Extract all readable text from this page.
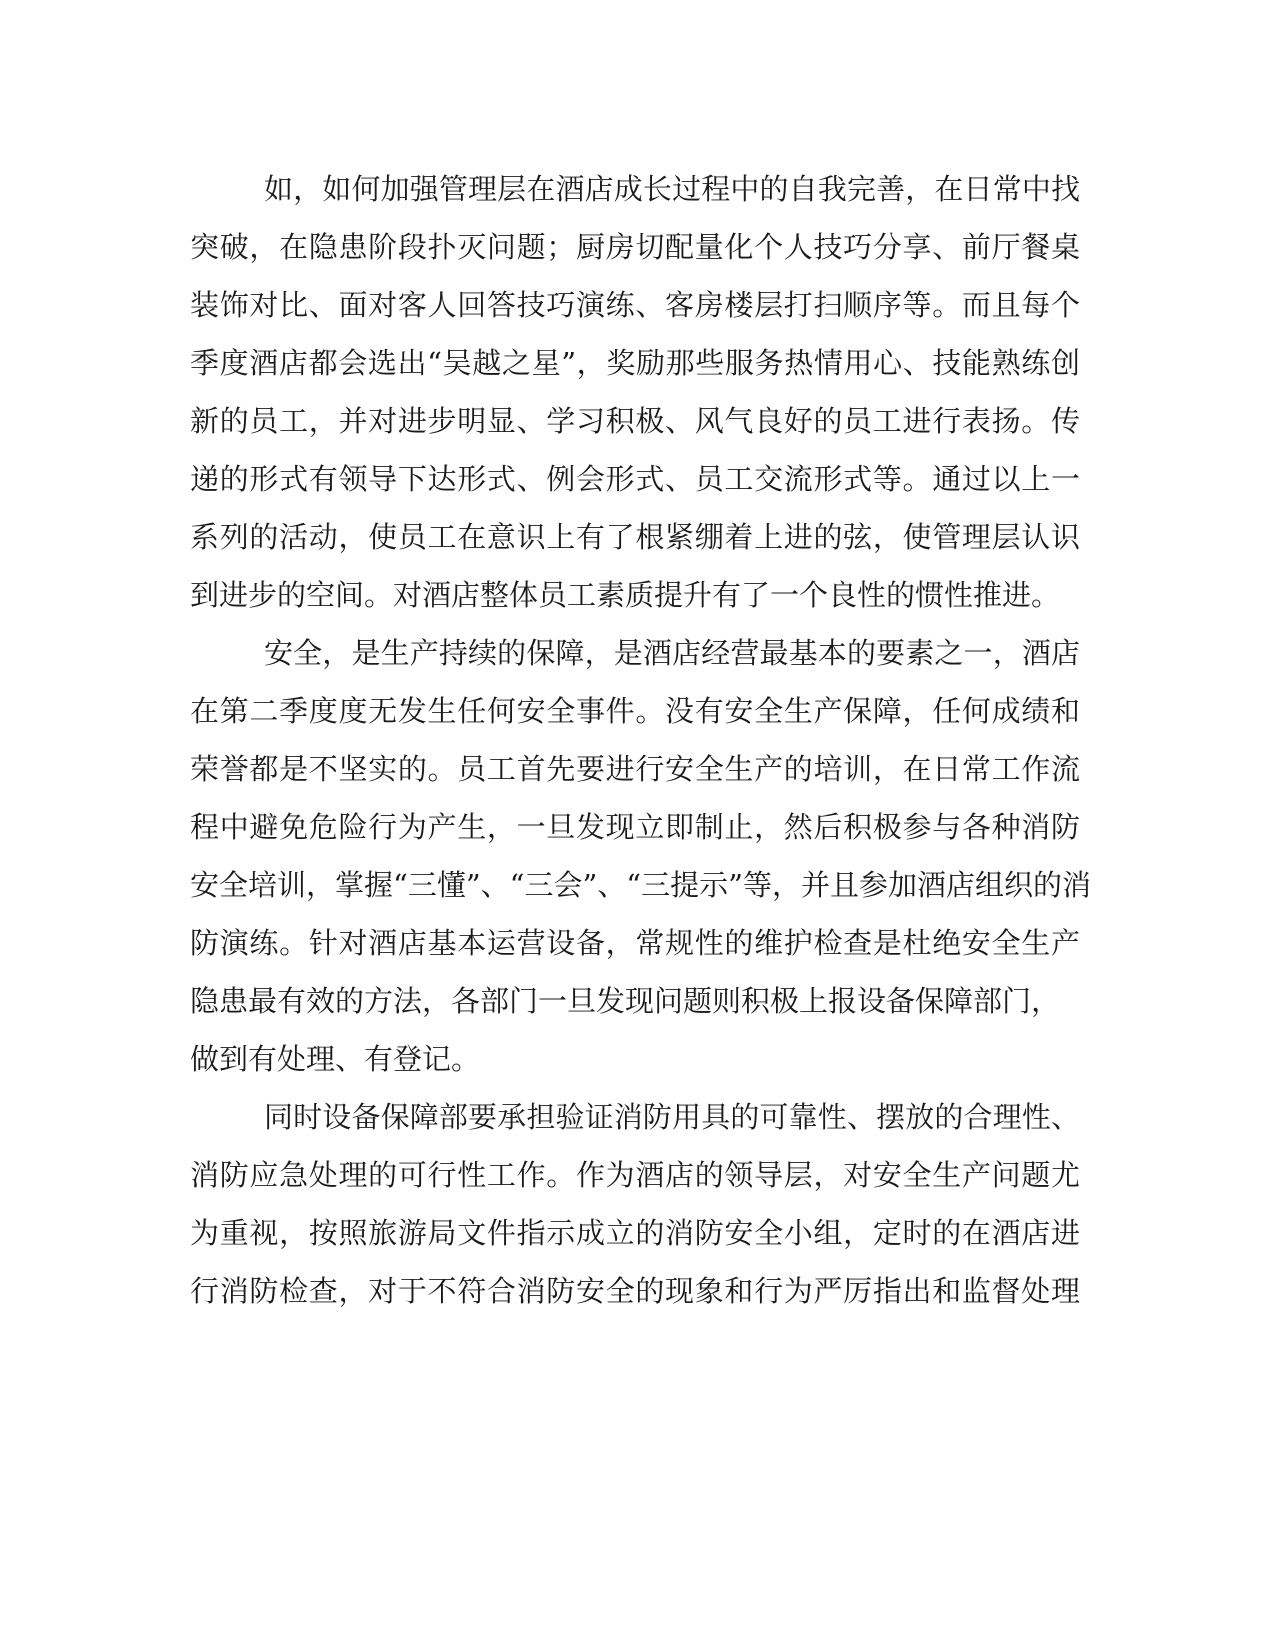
如，如何加强管理层在酒店成长过程中的自我完善，在日常中找
突破，在隐患阶段扑灭问题；厨房切配量化个人技巧分享、前厅餐桌
装饰对比、面对客人回答技巧演练、客房楼层打扫顺序等。而且每个
季度酒店都会选出“吴越之星”，奖励那些服务热情用心、技能熟练创
新的员工，并对进步明显、学习积极、风气良好的员工进行表扬。传
递的形式有领导下达形式、例会形式、员工交流形式等。通过以上一
系列的活动，使员工在意识上有了根紧绷着上进的弦，使管理层认识
到进步的空间。对酒店整体员工素质提升有了一个良性的惯性推进。
安全，是生产持续的保障，是酒店经营最基本的要素之一，酒店
在第二季度度无发生任何安全事件。没有安全生产保障，任何成绩和
荣誉都是不坚实的。员工首先要进行安全生产的培训，在日常工作流
程中避免危险行为产生，一旦发现立即制止，然后积极参与各种消防
安全培训，掌握“三懂”、“三会”、“三提示”等，并且参加酒店组织的消
防演练。针对酒店基本运营设备，常规性的维护检查是杜绝安全生产
隐患最有效的方法，各部门一旦发现问题则积极上报设备保障部门，
做到有处理、有登记。
同时设备保障部要承担验证消防用具的可靠性、摆放的合理性、
消防应急处理的可行性工作。作为酒店的领导层，对安全生产问题尤
为重视，按照旅游局文件指示成立的消防安全小组，定时的在酒店进
行消防检查，对于不符合消防安全的现象和行为严厉指出和监督处理
